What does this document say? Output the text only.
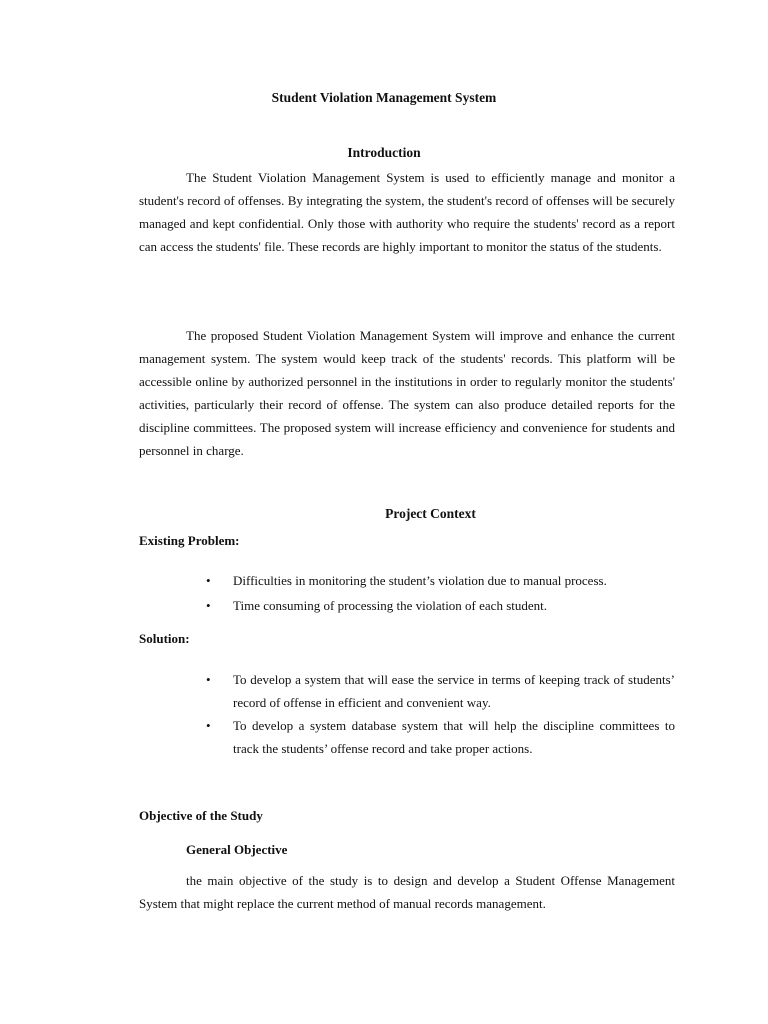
Student Violation Management System
Introduction

The Student Violation Management System is used to efficiently manage and monitor a student's record of offenses. By integrating the system, the student's record of offenses will be securely managed and kept confidential. Only those with authority who require the students' record as a report can access the students' file. These records are highly important to monitor the status of the students.

The proposed Student Violation Management System will improve and enhance the current management system. The system would keep track of the students' records. This platform will be accessible online by authorized personnel in the institutions in order to regularly monitor the students' activities, particularly their record of offense. The system can also produce detailed reports for the discipline committees. The proposed system will increase efficiency and convenience for students and personnel in charge.

Project Context
Existing Problem:
• Difficulties in monitoring the student’s violation due to manual process.
• Time consuming of processing the violation of each student.
Solution:
• To develop a system that will ease the service in terms of keeping track of students’ record of offense in efficient and convenient way.
• To develop a system database system that will help the discipline committees to track the students’ offense record and take proper actions.
Objective of the Study
General Objective

the main objective of the study is to design and develop a Student Offense Management System that might replace the current method of manual records management.
